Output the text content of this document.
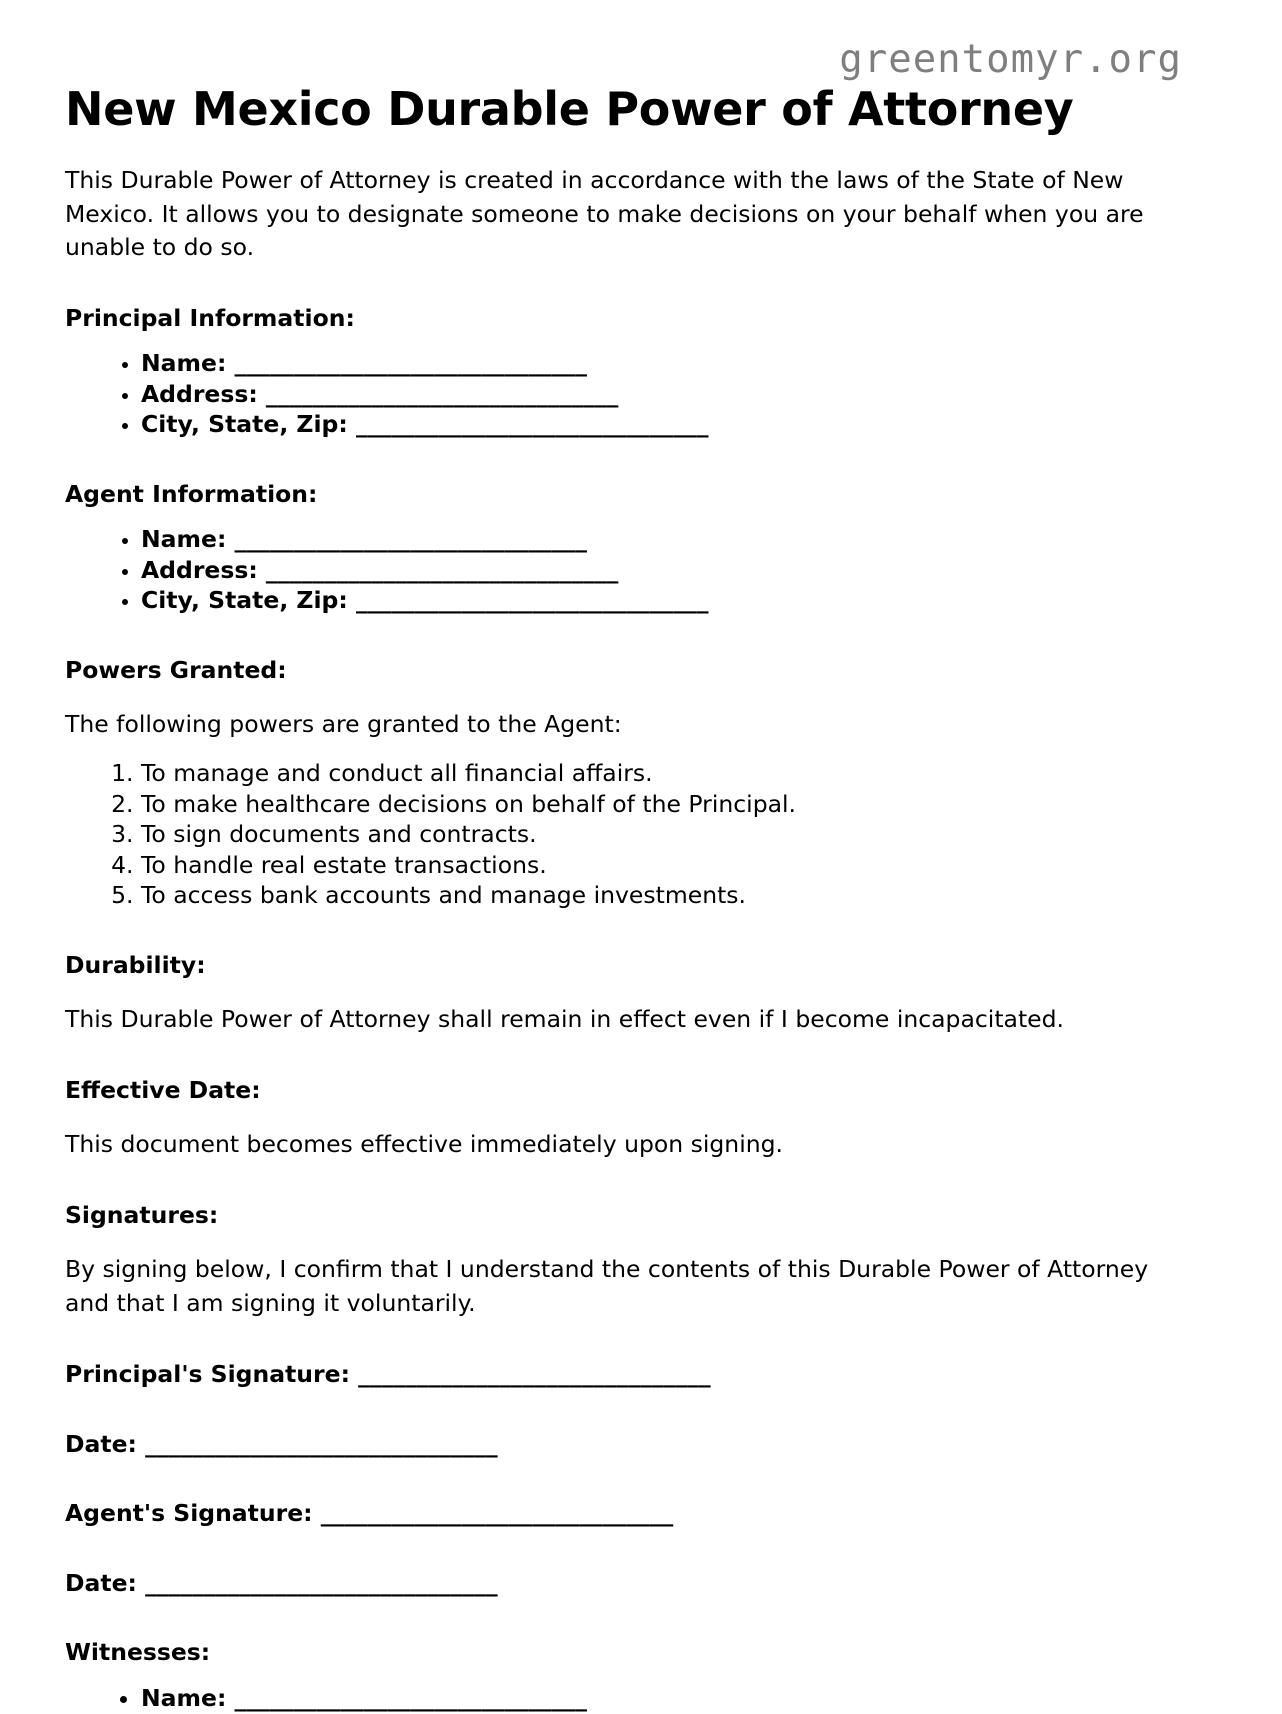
greentomyr.org
New Mexico Durable Power of Attorney

This Durable Power of Attorney is created in accordance with the laws of the State of New Mexico. It allows you to designate someone to make decisions on your behalf when you are unable to do so.

Principal Information:
• Name: ______________________________
• Address: ______________________________
• City, State, Zip: ______________________________
Agent Information:
• Name: ______________________________
• Address: ______________________________
• City, State, Zip: ______________________________
Powers Granted:

The following powers are granted to the Agent:

1. To manage and conduct all financial affairs.
2. To make healthcare decisions on behalf of the Principal.
3. To sign documents and contracts.
4. To handle real estate transactions.
5. To access bank accounts and manage investments.
Durability:

This Durable Power of Attorney shall remain in effect even if I become incapacitated.

Effective Date:

This document becomes effective immediately upon signing.

Signatures:

By signing below, I confirm that I understand the contents of this Durable Power of Attorney and that I am signing it voluntarily.

Principal's Signature: ______________________________
Date: ______________________________
Agent's Signature: ______________________________
Date: ______________________________
Witnesses:
• Name: ______________________________
